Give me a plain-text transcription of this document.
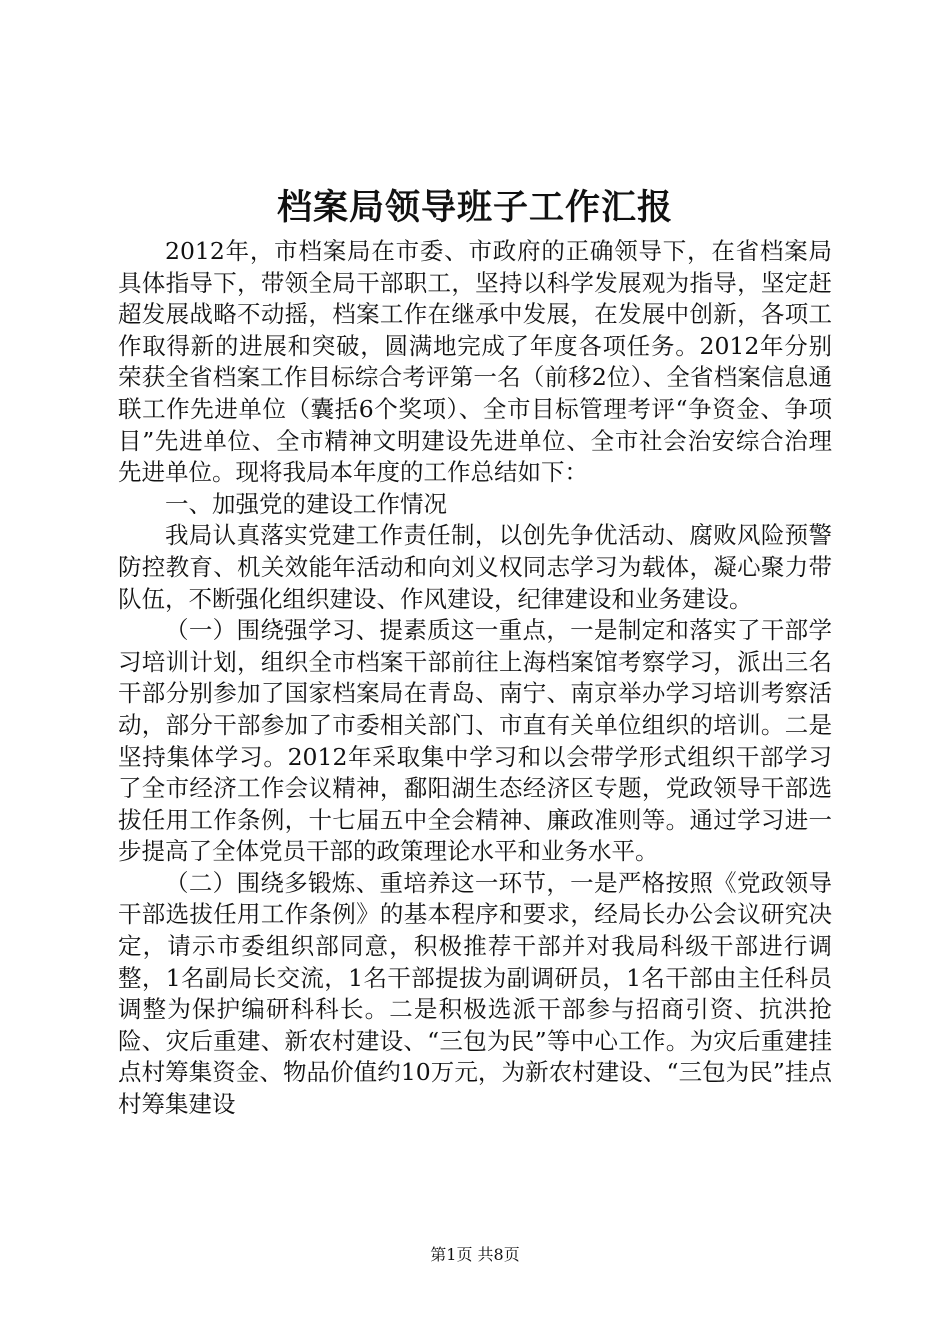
档案局领导班子工作汇报

2012年，市档案局在市委、市政府的正确领导下，在省档案局具体指导下，带领全局干部职工，坚持以科学发展观为指导，坚定赶超发展战略不动摇，档案工作在继承中发展，在发展中创新，各项工作取得新的进展和突破，圆满地完成了年度各项任务。2012年分别荣获全省档案工作目标综合考评第一名（前移2位）、全省档案信息通联工作先进单位（囊括6个奖项）、全市目标管理考评“争资金、争项目”先进单位、全市精神文明建设先进单位、全市社会治安综合治理先进单位。现将我局本年度的工作总结如下：

一、加强党的建设工作情况

我局认真落实党建工作责任制，以创先争优活动、腐败风险预警防控教育、机关效能年活动和向刘义权同志学习为载体，凝心聚力带队伍，不断强化组织建设、作风建设，纪律建设和业务建设。

（一）围绕强学习、提素质这一重点，一是制定和落实了干部学习培训计划，组织全市档案干部前往上海档案馆考察学习，派出三名干部分别参加了国家档案局在青岛、南宁、南京举办学习培训考察活动，部分干部参加了市委相关部门、市直有关单位组织的培训。二是坚持集体学习。2012年采取集中学习和以会带学形式组织干部学习了全市经济工作会议精神，鄱阳湖生态经济区专题，党政领导干部选拔任用工作条例，十七届五中全会精神、廉政准则等。通过学习进一步提高了全体党员干部的政策理论水平和业务水平。

（二）围绕多锻炼、重培养这一环节，一是严格按照《党政领导干部选拔任用工作条例》的基本程序和要求，经局长办公会议研究决定，请示市委组织部同意，积极推荐干部并对我局科级干部进行调整，1名副局长交流，1名干部提拔为副调研员，1名干部由主任科员调整为保护编研科科长。二是积极选派干部参与招商引资、抗洪抢险、灾后重建、新农村建设、“三包为民”等中心工作。为灾后重建挂点村筹集资金、物品价值约10万元，为新农村建设、“三包为民”挂点村筹集建设

第1页 共8页
